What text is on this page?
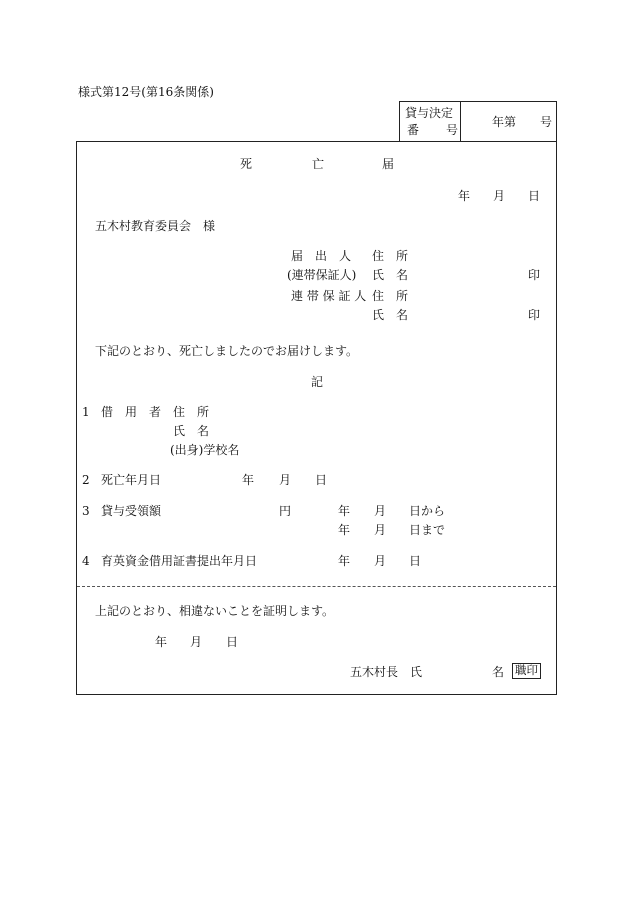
様式第12号(第16条関係)
貸与決定
番 号
年第 号
死	亡	届
年 月 日
五木村教育委員会　様
届　出　人 住　所
(連帯保証人) 氏　名	印
連 帯 保 証 人 住　所
氏　名	印
下記のとおり、死亡しましたのでお届けします。
記
1 借　用　者 住　所
氏　名
(出身)学校名
2 死亡年月日	年 月 日
3 貸与受領額	円	年 月 日から
年 月 日まで
4 育英資金借用証書提出年月日	年 月 日
上記のとおり、相違ないことを証明します。
年 月 日
五木村長　氏	名 職印
